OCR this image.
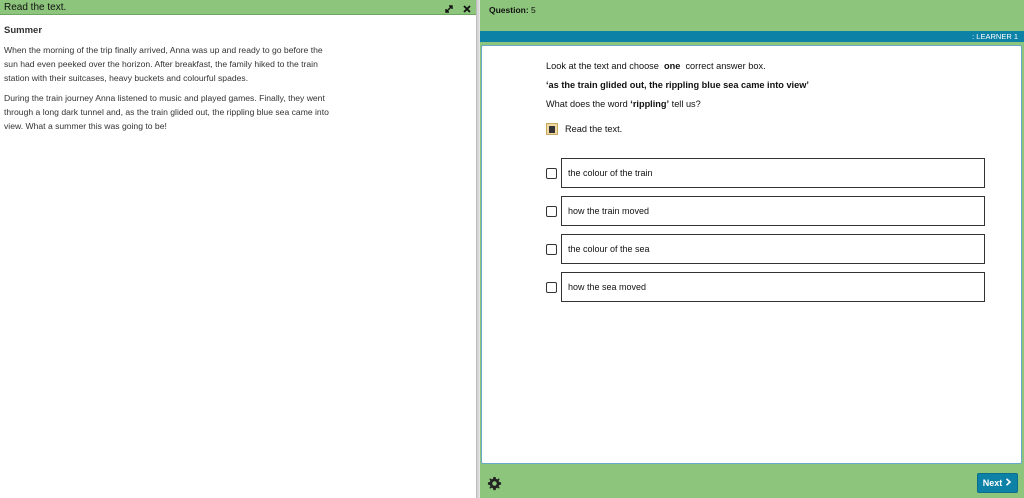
Read the text.
Summer

When the morning of the trip finally arrived, Anna was up and ready to go before the sun had even peeked over the horizon. After breakfast, the family hiked to the train station with their suitcases, heavy buckets and colourful spades.

During the train journey Anna listened to music and played games. Finally, they went through a long dark tunnel and, as the train glided out, the rippling blue sea came into view. What a summer this was going to be!

Question: 5
: LEARNER 1
Look at the text and choose one correct answer box.
‘as the train glided out, the rippling blue sea came into view’
What does the word ‘rippling’ tell us?
Read the text.
the colour of the train
how the train moved
the colour of the sea
how the sea moved
Next
